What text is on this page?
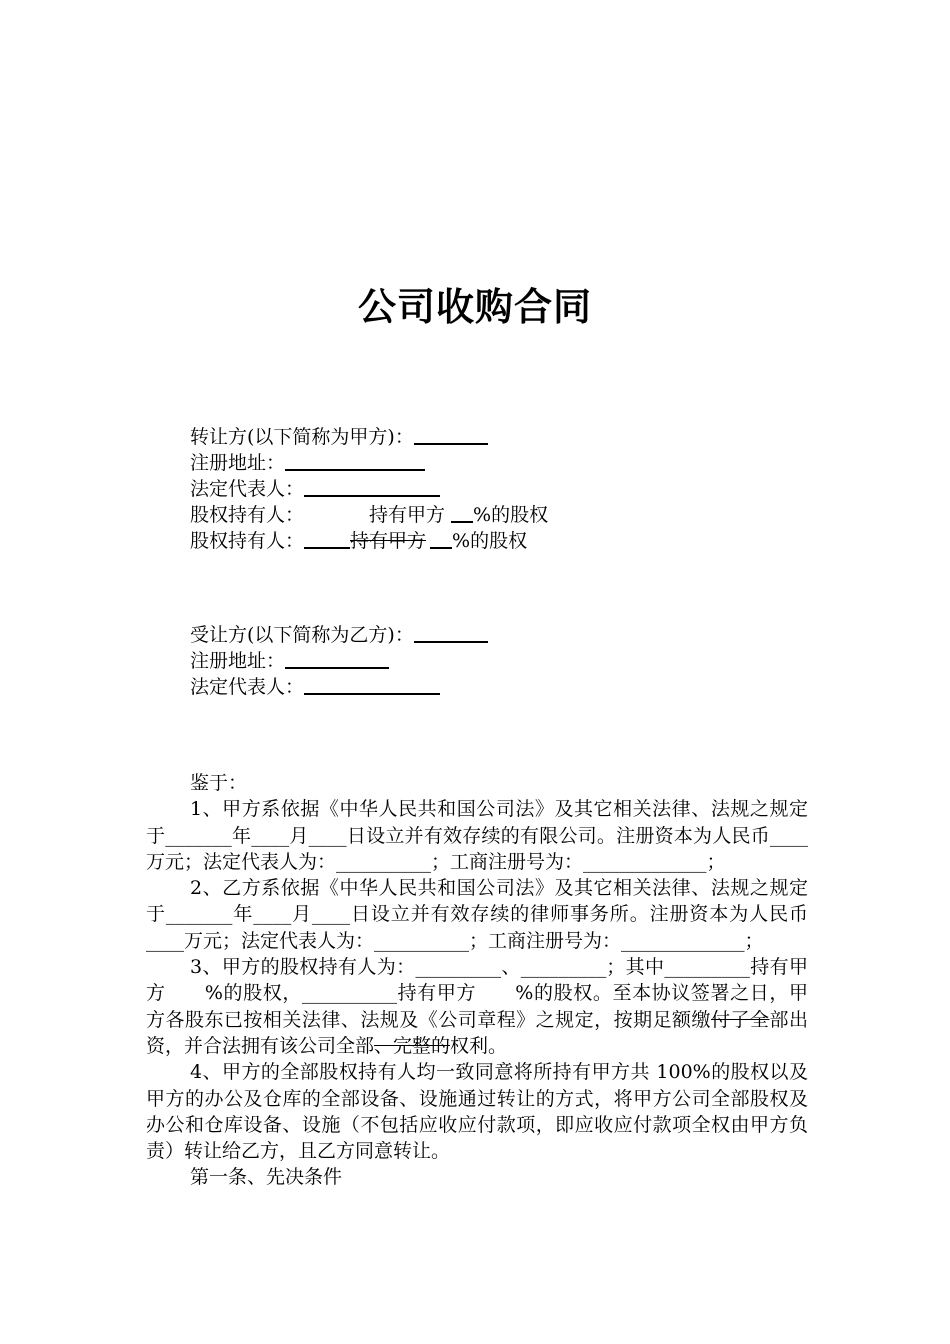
公司收购合同
转让方(以下简称为甲方)：
注册地址：
法定代表人：
股权持有人：	持有甲方 %的股权
股权持有人： 持有甲方 %的股权
受让方(以下简称为乙方)：
注册地址：
法定代表人：

鉴于：

1、甲方系依据《中华人民共和国公司法》及其它相关法律、法规之规定于_______年____月____日设立并有效存续的有限公司。注册资本为人民币____万元；法定代表人为：__________；工商注册号为：_____________；

2、乙方系依据《中华人民共和国公司法》及其它相关法律、法规之规定于_______年____月____日设立并有效存续的律师事务所。注册资本为人民币____万元；法定代表人为：__________；工商注册号为：_____________；

3、甲方的股权持有人为：_________、_________；其中_________持有甲方　　%的股权，__________持有甲方　　%的股权。至本协议签署之日，甲方各股东已按相关法律、法规及《公司章程》之规定，按期足额缴付了全部出资，并合法拥有该公司全部、完整的权利。

4、甲方的全部股权持有人均一致同意将所持有甲方共 100%的股权以及甲方的办公及仓库的全部设备、设施通过转让的方式，将甲方公司全部股权及办公和仓库设备、设施（不包括应收应付款项，即应收应付款项全权由甲方负责）转让给乙方，且乙方同意转让。

第一条、先决条件
